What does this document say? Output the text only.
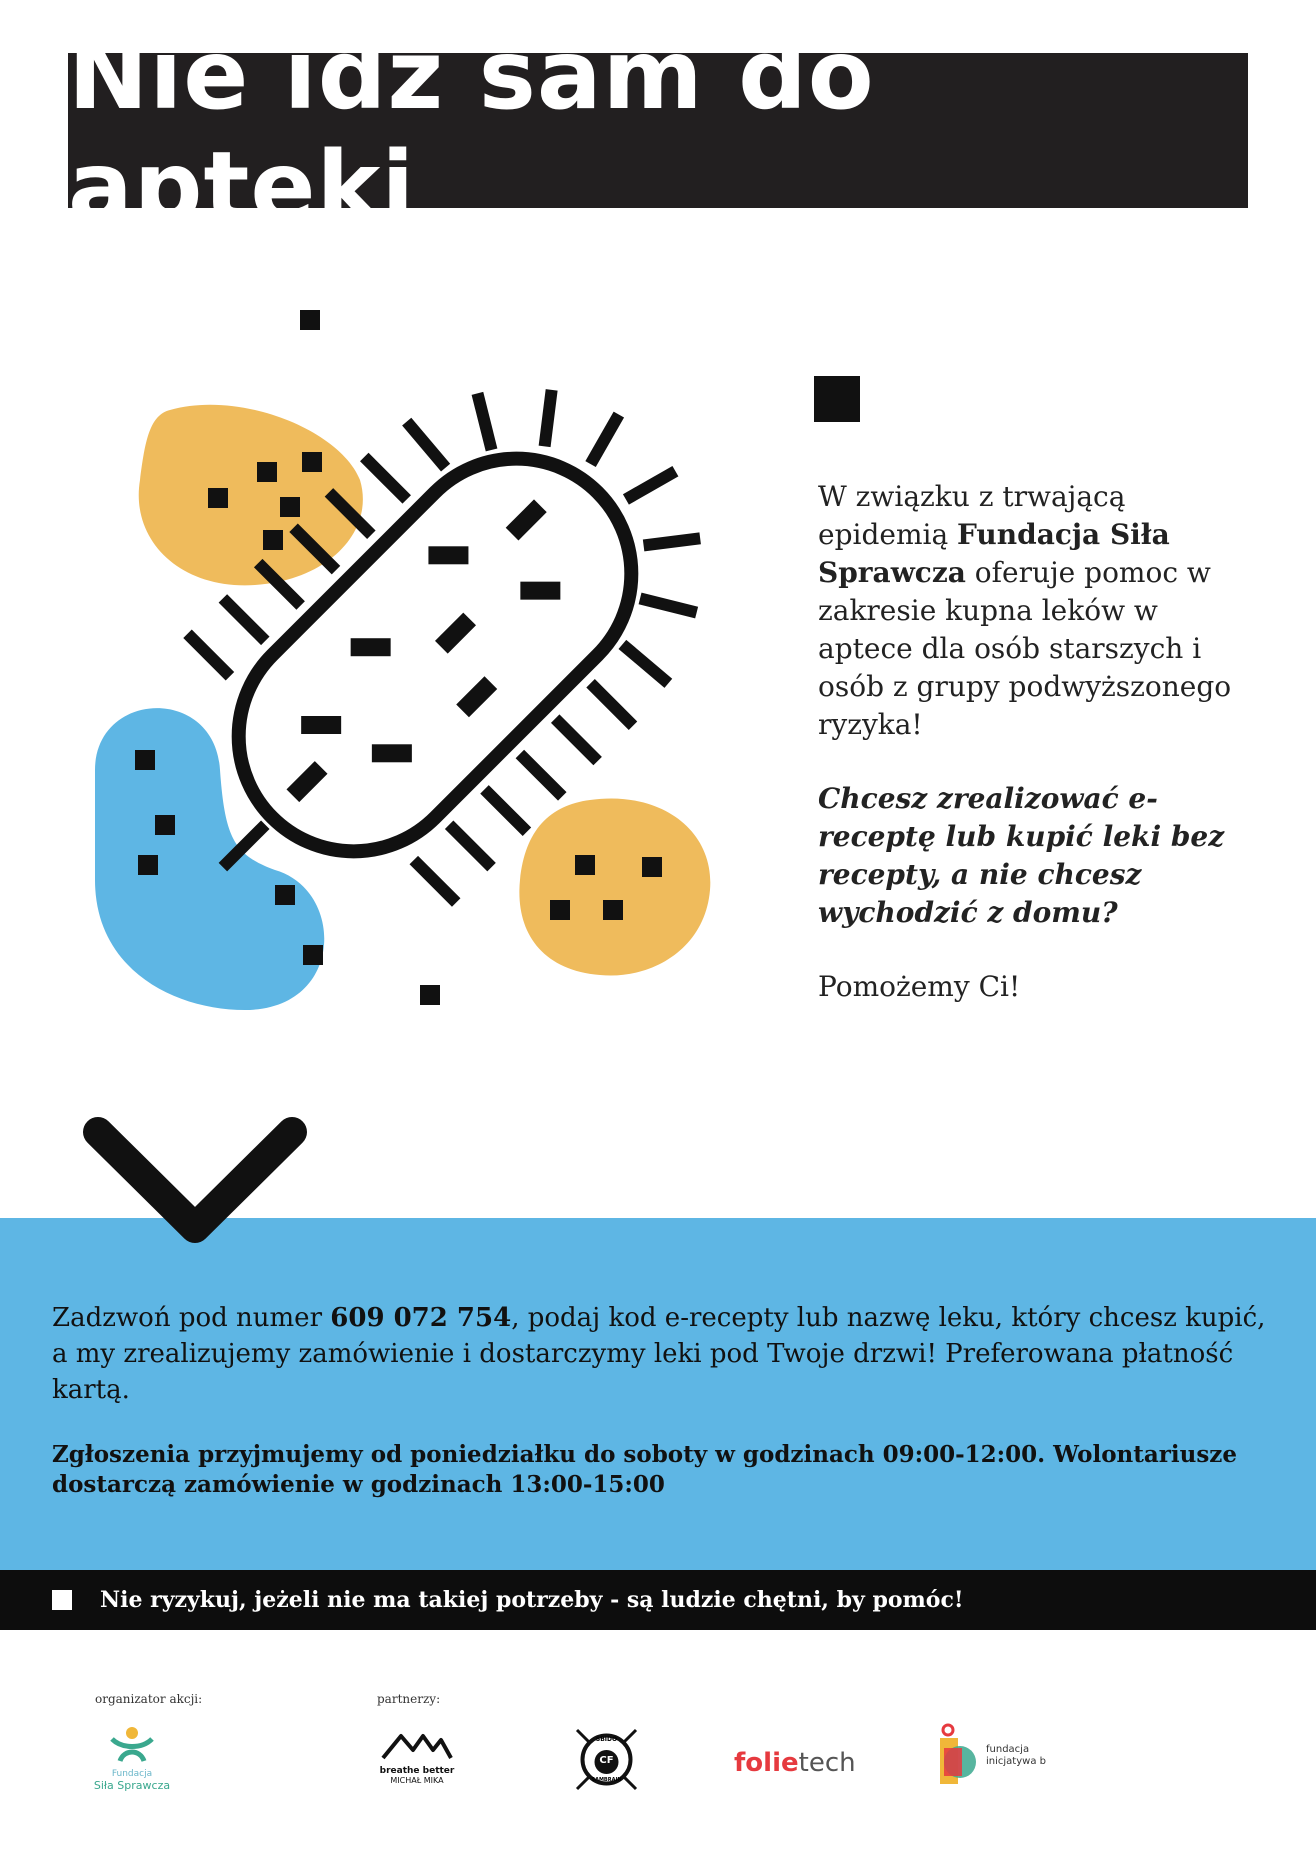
Nie idź sam do apteki

W związku z trwającą epidemią Fundacja Siła Sprawcza oferuje pomoc w zakresie kupna leków w aptece dla osób starszych i osób z grupy podwyższonego ryzyka!

Chcesz zrealizować e-receptę lub kupić leki bez recepty, a nie chcesz wychodzić z domu?

Pomożemy Ci!

Zadzwoń pod numer 609 072 754, podaj kod e-recepty lub nazwę leku, który chcesz kupić, a my zrealizujemy zamówienie i dostarczymy leki pod Twoje drzwi! Preferowana płatność kartą.
Zgłoszenia przyjmujemy od poniedziałku do soboty w godzinach 09:00-12:00. Wolontariusze dostarczą zamówienie w godzinach 13:00-15:00
Nie ryzykuj, jeżeli nie ma takiej potrzeby - są ludzie chętni, by pomóc!
organizator akcji:	partnerzy:
Fundacja
Siła Sprawcza
breathe better
MICHAŁ MIKA
SBIDO
CF
SAMBRAIN
folietech	fundacja
inicjatywa b
